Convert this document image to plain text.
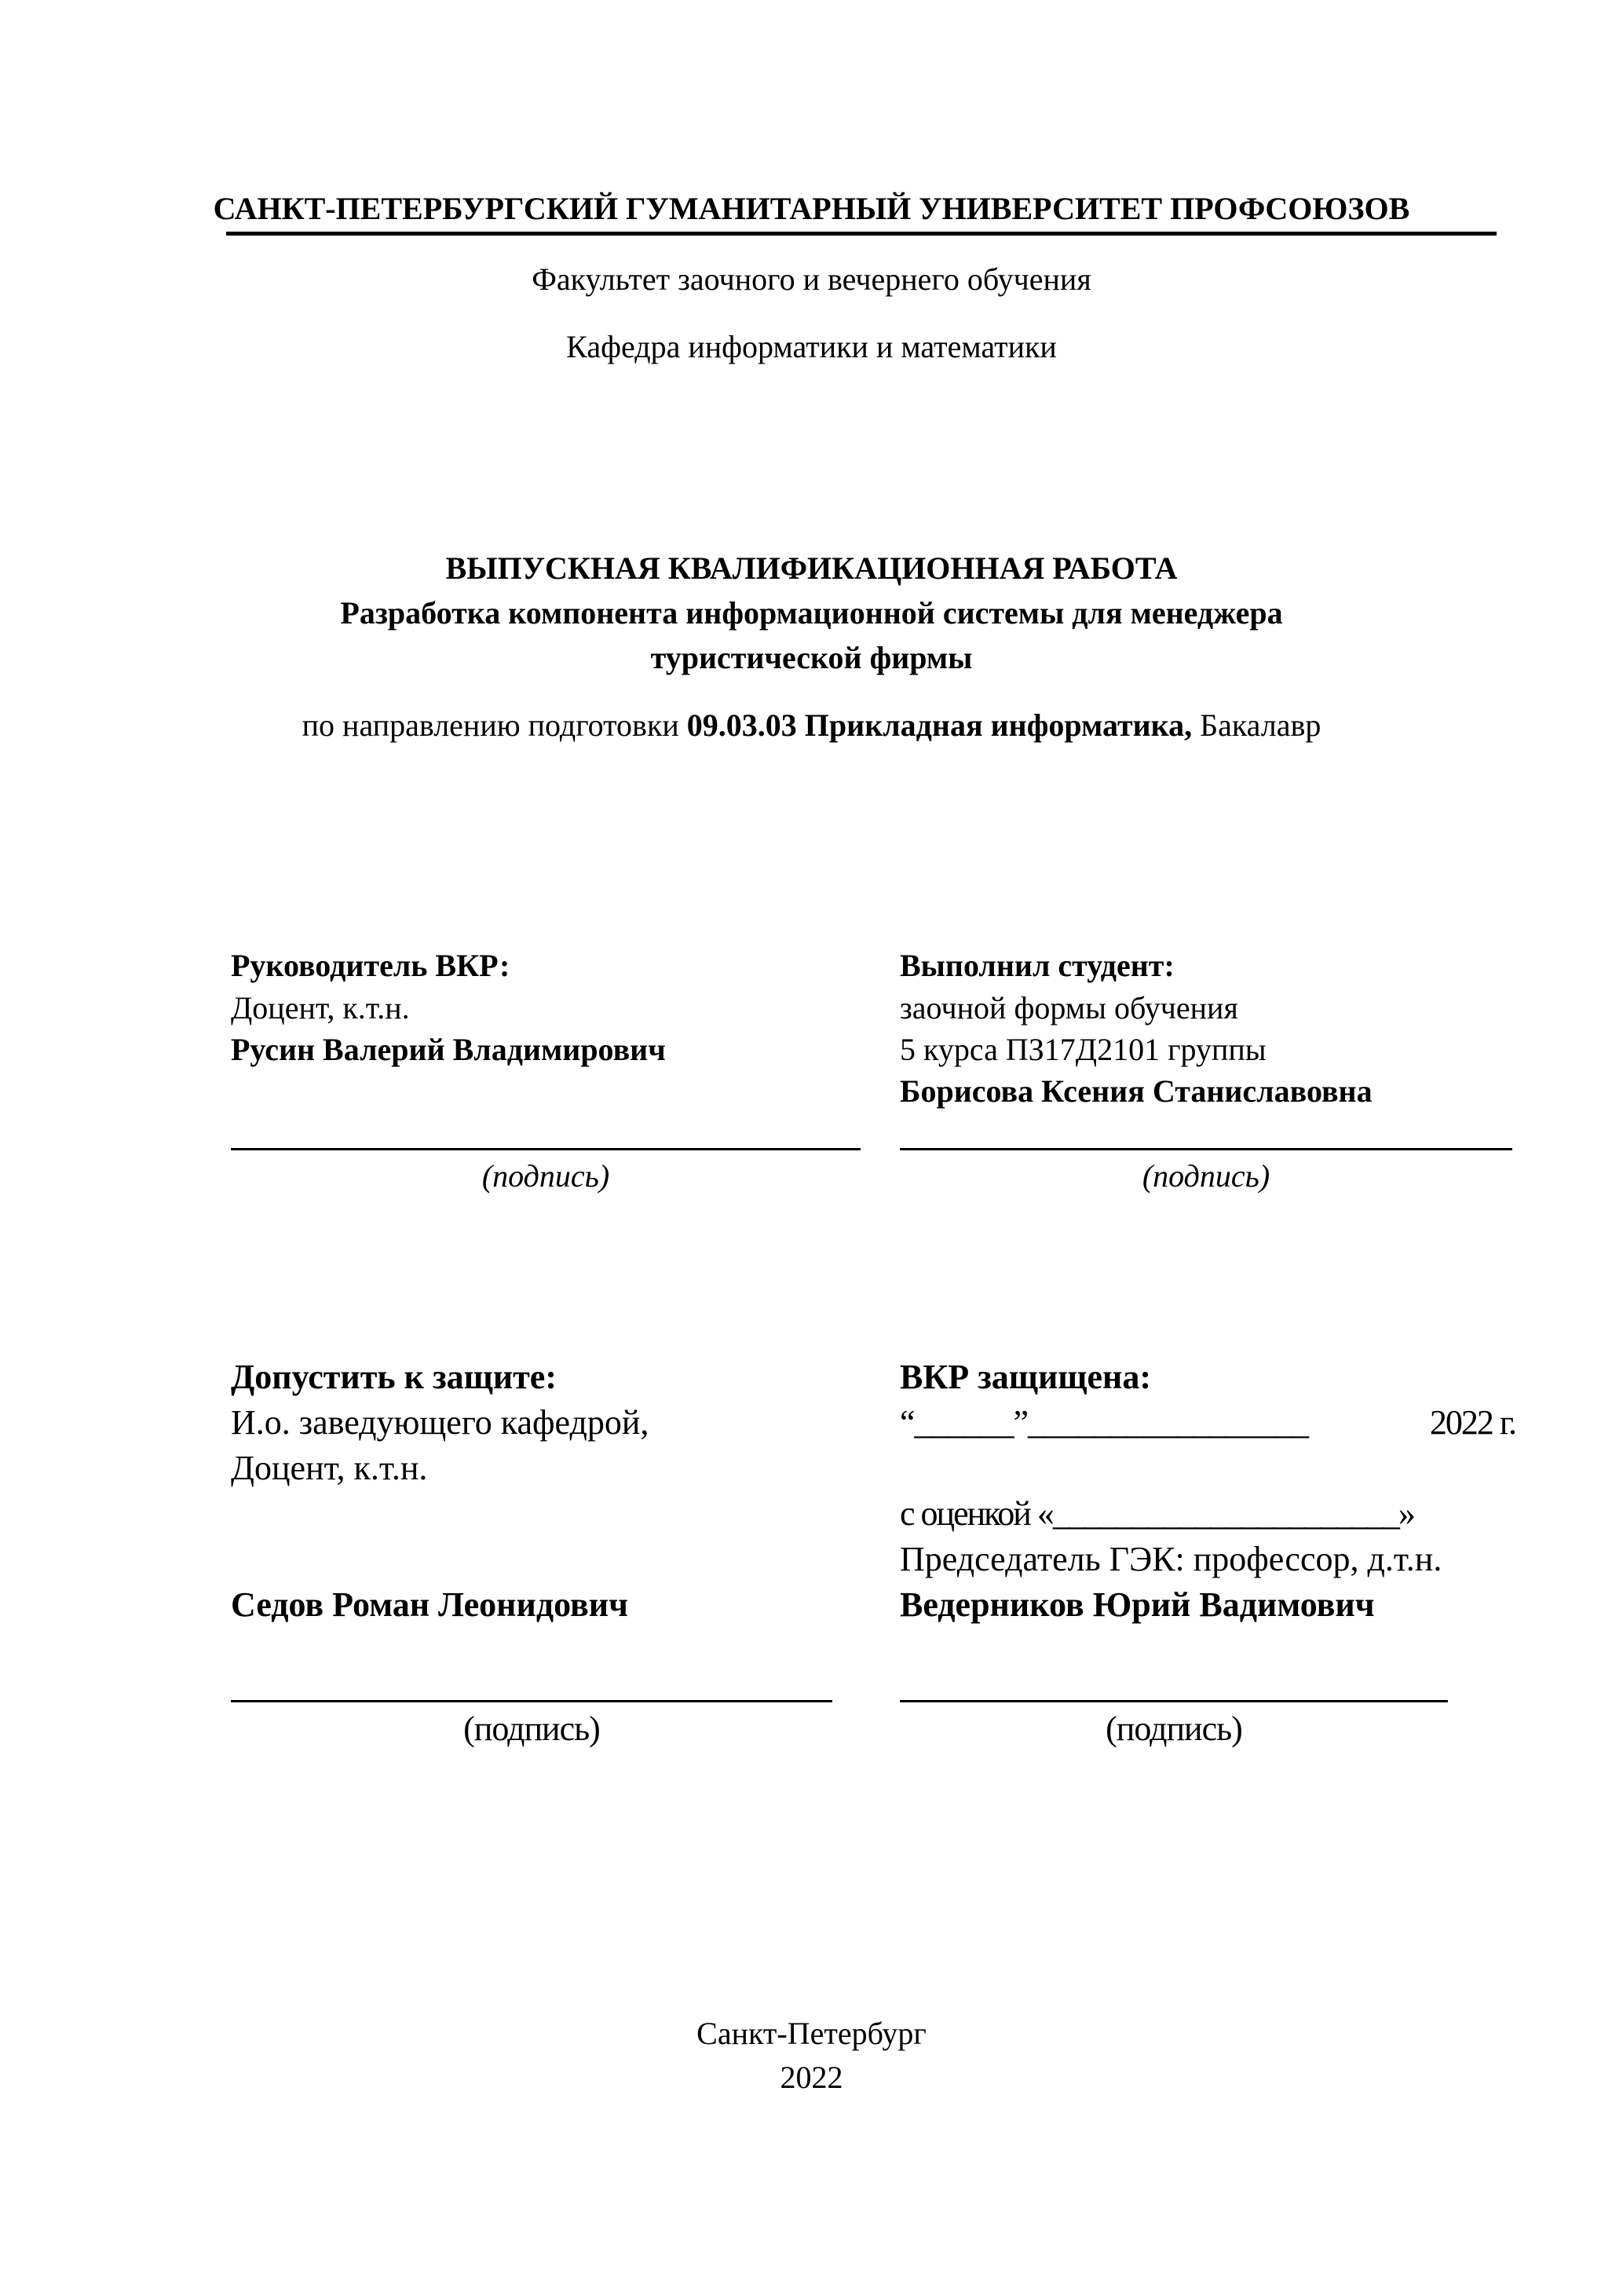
САНКТ-ПЕТЕРБУРГСКИЙ ГУМАНИТАРНЫЙ УНИВЕРСИТЕТ ПРОФСОЮЗОВ
Факультет заочного и вечернего обучения
Кафедра информатики и математики
ВЫПУСКНАЯ КВАЛИФИКАЦИОННАЯ РАБОТА
Разработка компонента информационной системы для менеджера
туристической фирмы
по направлению подготовки 09.03.03 Прикладная информатика, Бакалавр
Руководитель ВКР:
Доцент, к.т.н.
Русин Валерий Владимирович
(подпись)
Выполнил студент:
заочной формы обучения
5 курса ПЗ17Д2101 группы
Борисова Ксения Станиславовна
(подпись)
Допустить к защите:
И.о. заведующего кафедрой,
Доцент, к.т.н.
Седов Роман Леонидович
(подпись)
ВКР защищена:
“______”_________________	2022 г.
с оценкой «______________________»
Председатель ГЭК: профессор, д.т.н.
Ведерников Юрий Вадимович
(подпись)
Санкт-Петербург
2022
